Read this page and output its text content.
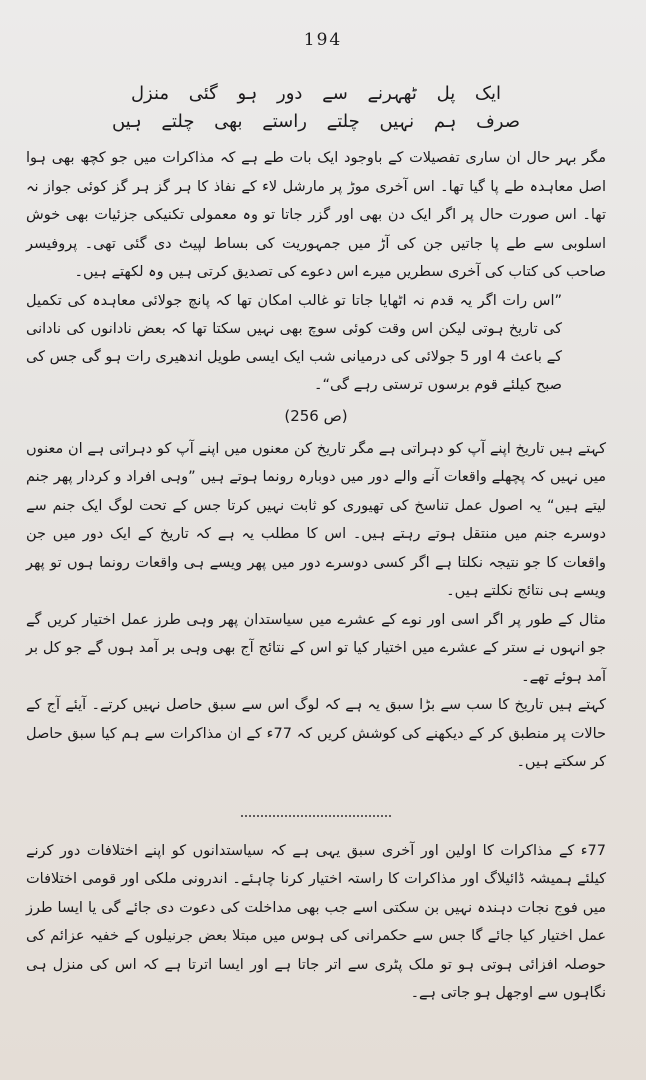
194
ایک پل ٹھہرنے سے دور ہو گئی منزل
صرف ہم نہیں چلتے راستے بھی چلتے ہیں

مگر بہر حال ان ساری تفصیلات کے باوجود ایک بات طے ہے کہ مذاکرات میں جو کچھ بھی ہوا اصل معاہدہ طے پا گیا تھا۔ اس آخری موڑ پر مارشل لاء کے نفاذ کا ہر گز ہر گز کوئی جواز نہ تھا۔ اس صورت حال پر اگر ایک دن بھی اور گزر جاتا تو وہ معمولی تکنیکی جزئیات بھی خوش اسلوبی سے طے پا جاتیں جن کی آڑ میں جمہوریت کی بساط لپیٹ دی گئی تھی۔ پروفیسر صاحب کی کتاب کی آخری سطریں میرے اس دعوے کی تصدیق کرتی ہیں وہ لکھتے ہیں۔

”اس رات اگر یہ قدم نہ اٹھایا جاتا تو غالب امکان تھا کہ پانچ جولائی معاہدہ کی تکمیل کی تاریخ ہوتی لیکن اس وقت کوئی سوچ بھی نہیں سکتا تھا کہ بعض نادانوں کی نادانی کے باعث 4 اور 5 جولائی کی درمیانی شب ایک ایسی طویل اندھیری رات ہو گی جس کی صبح کیلئے قوم برسوں ترستی رہے گی“۔

(ص 256)

کہتے ہیں تاریخ اپنے آپ کو دہراتی ہے مگر تاریخ کن معنوں میں اپنے آپ کو دہراتی ہے ان معنوں میں نہیں کہ پچھلے واقعات آنے والے دور میں دوبارہ رونما ہوتے ہیں ”وہی افراد و کردار پھر جنم لیتے ہیں“ یہ اصول عمل تناسخ کی تھیوری کو ثابت نہیں کرتا جس کے تحت لوگ ایک جنم سے دوسرے جنم میں منتقل ہوتے رہتے ہیں۔ اس کا مطلب یہ ہے کہ تاریخ کے ایک دور میں جن واقعات کا جو نتیجہ نکلتا ہے اگر کسی دوسرے دور میں پھر ویسے ہی واقعات رونما ہوں تو پھر ویسے ہی نتائج نکلتے ہیں۔

مثال کے طور پر اگر اسی اور نوے کے عشرے میں سیاستدان پھر وہی طرز عمل اختیار کریں گے جو انہوں نے ستر کے عشرے میں اختیار کیا تو اس کے نتائج آج بھی وہی بر آمد ہوں گے جو کل بر آمد ہوئے تھے۔

کہتے ہیں تاریخ کا سب سے بڑا سبق یہ ہے کہ لوگ اس سے سبق حاصل نہیں کرتے۔ آیئے آج کے حالات پر منطبق کر کے دیکھنے کی کوشش کریں کہ 77ء کے ان مذاکرات سے ہم کیا سبق حاصل کر سکتے ہیں۔

77ء کے مذاکرات کا اولین اور آخری سبق یہی ہے کہ سیاستدانوں کو اپنے اختلافات دور کرنے کیلئے ہمیشہ ڈائیلاگ اور مذاکرات کا راستہ اختیار کرنا چاہئے۔ اندرونی ملکی اور قومی اختلافات میں فوج نجات دہندہ نہیں بن سکتی اسے جب بھی مداخلت کی دعوت دی جائے گی یا ایسا طرز عمل اختیار کیا جائے گا جس سے حکمرانی کی ہوس میں مبتلا بعض جرنیلوں کے خفیہ عزائم کی حوصلہ افزائی ہوتی ہو تو ملک پٹری سے اتر جاتا ہے اور ایسا اترتا ہے کہ اس کی منزل ہی نگاہوں سے اوجھل ہو جاتی ہے۔
